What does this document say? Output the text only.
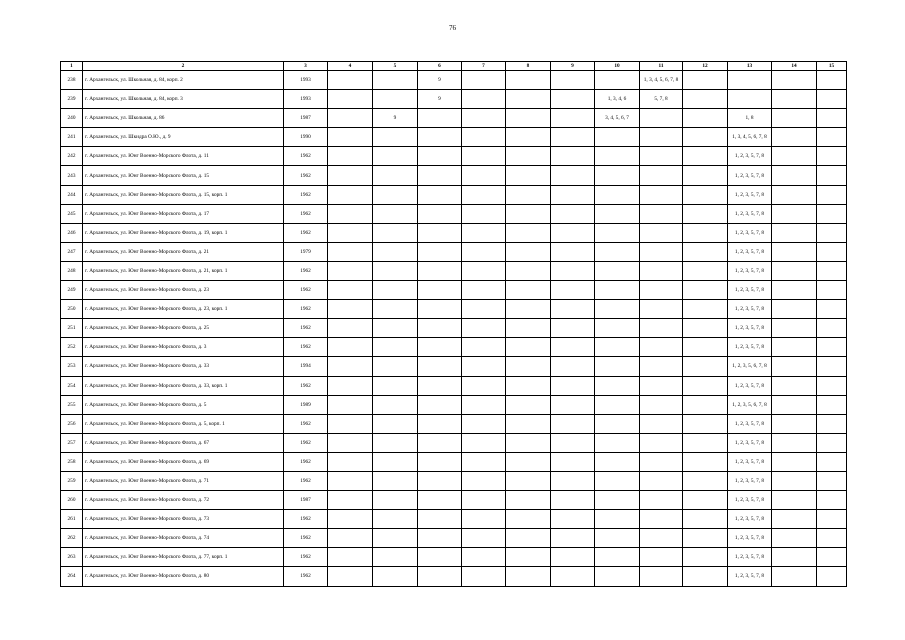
76
1	2	3	4	5	6	7	8	9	10	11	12	13	14	15
238	г. Архангельск, ул. Школьная, д. 84, корп. 2	1993			9					1, 3, 4, 5, 6, 7, 8				
239	г. Архангельск, ул. Школьная, д. 84, корп. 3	1993			9				1, 3, 4, 6	5, 7, 8				
240	г. Архангельск, ул. Школьная, д. 86	1987		9					3, 4, 5, 6, 7			1, 8		
241	г. Архангельск, ул. Шкидра О.Ю., д. 9	1990										1, 3, 4, 5, 6, 7, 8		
242	г. Архангельск, ул. Юнг Военно-Морского Флота, д. 11	1962										1, 2, 3, 5, 7, 8		
243	г. Архангельск, ул. Юнг Военно-Морского Флота, д. 15	1962										1, 2, 3, 5, 7, 8		
244	г. Архангельск, ул. Юнг Военно-Морского Флота, д. 15, корп. 1	1962										1, 2, 3, 5, 7, 8		
245	г. Архангельск, ул. Юнг Военно-Морского Флота, д. 17	1962										1, 2, 3, 5, 7, 8		
246	г. Архангельск, ул. Юнг Военно-Морского Флота, д. 19, корп. 1	1962										1, 2, 3, 5, 7, 8		
247	г. Архангельск, ул. Юнг Военно-Морского Флота, д. 21	1979										1, 2, 3, 5, 7, 8		
248	г. Архангельск, ул. Юнг Военно-Морского Флота, д. 21, корп. 1	1962										1, 2, 3, 5, 7, 8		
249	г. Архангельск, ул. Юнг Военно-Морского Флота, д. 23	1962										1, 2, 3, 5, 7, 8		
250	г. Архангельск, ул. Юнг Военно-Морского Флота, д. 23, корп. 1	1962										1, 2, 3, 5, 7, 8		
251	г. Архангельск, ул. Юнг Военно-Морского Флота, д. 25	1962										1, 2, 3, 5, 7, 8		
252	г. Архангельск, ул. Юнг Военно-Морского Флота, д. 3	1962										1, 2, 3, 5, 7, 8		
253	г. Архангельск, ул. Юнг Военно-Морского Флота, д. 33	1994										1, 2, 3, 5, 6, 7, 8		
254	г. Архангельск, ул. Юнг Военно-Морского Флота, д. 33, корп. 1	1962										1, 2, 3, 5, 7, 8		
255	г. Архангельск, ул. Юнг Военно-Морского Флота, д. 5	1989										1, 2, 3, 5, 6, 7, 8		
256	г. Архангельск, ул. Юнг Военно-Морского Флота, д. 5, корп. 1	1962										1, 2, 3, 5, 7, 8		
257	г. Архангельск, ул. Юнг Военно-Морского Флота, д. 67	1962										1, 2, 3, 5, 7, 8		
258	г. Архангельск, ул. Юнг Военно-Морского Флота, д. 69	1962										1, 2, 3, 5, 7, 8		
259	г. Архангельск, ул. Юнг Военно-Морского Флота, д. 71	1962										1, 2, 3, 5, 7, 8		
260	г. Архангельск, ул. Юнг Военно-Морского Флота, д. 72	1987										1, 2, 3, 5, 7, 8		
261	г. Архангельск, ул. Юнг Военно-Морского Флота, д. 73	1962										1, 2, 3, 5, 7, 8		
262	г. Архангельск, ул. Юнг Военно-Морского Флота, д. 74	1962										1, 2, 3, 5, 7, 8		
263	г. Архангельск, ул. Юнг Военно-Морского Флота, д. 77, корп. 1	1962										1, 2, 3, 5, 7, 8		
264	г. Архангельск, ул. Юнг Военно-Морского Флота, д. 80	1962										1, 2, 3, 5, 7, 8		
